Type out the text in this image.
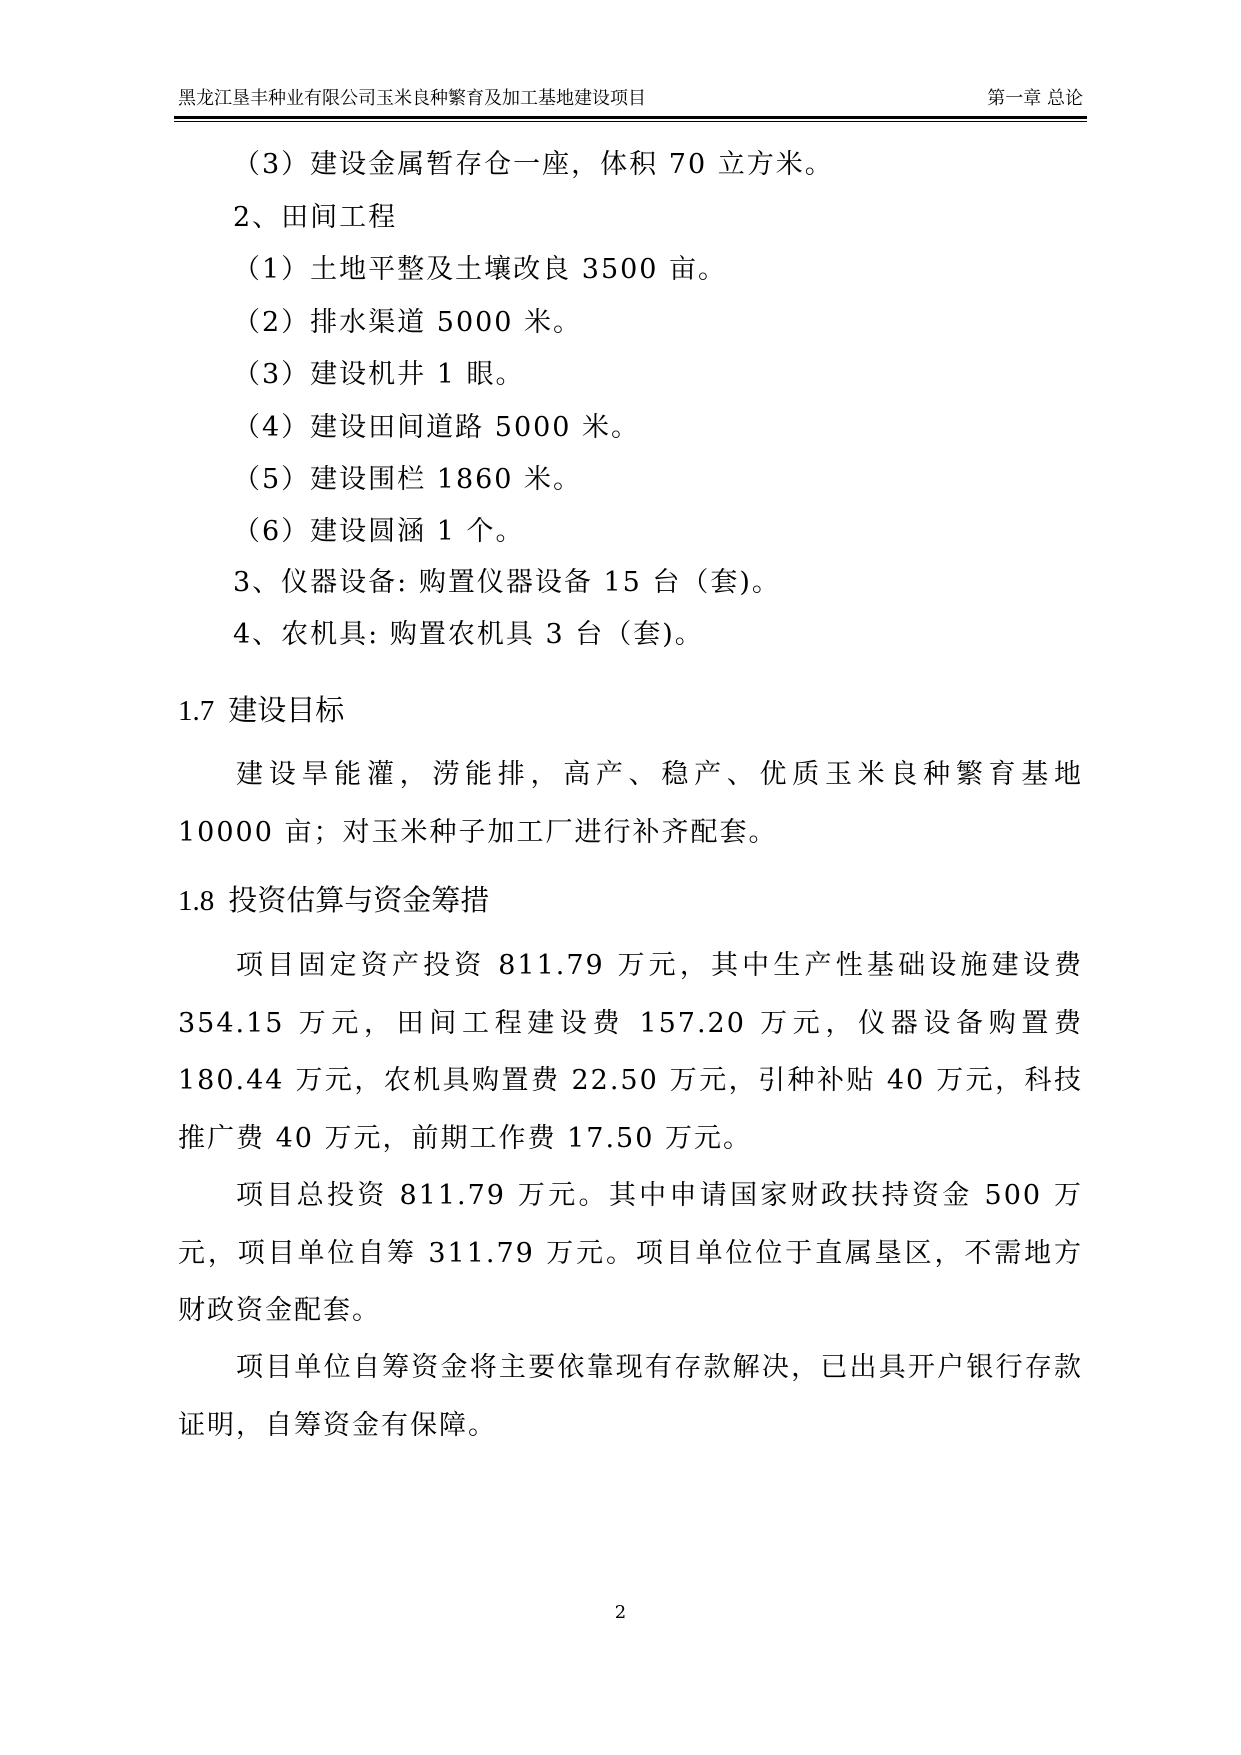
黑龙江垦丰种业有限公司玉米良种繁育及加工基地建设项目	第一章 总论
（3）建设金属暂存仓一座，体积 70 立方米。
2、田间工程
（1）土地平整及土壤改良 3500 亩。
（2）排水渠道 5000 米。
（3）建设机井 1 眼。
（4）建设田间道路 5000 米。
（5）建设围栏 1860 米。
（6）建设圆涵 1 个。
3、仪器设备: 购置仪器设备 15 台（套)。
4、农机具: 购置农机具 3 台（套)。
1.7 建设目标
建设旱能灌，涝能排，高产、稳产、优质玉米良种繁育基地 10000 亩；对玉米种子加工厂进行补齐配套。
1.8 投资估算与资金筹措
项目固定资产投资 811.79 万元，其中生产性基础设施建设费 354.15 万元，田间工程建设费 157.20 万元，仪器设备购置费 180.44 万元，农机具购置费 22.50 万元，引种补贴 40 万元，科技推广费 40 万元，前期工作费 17.50 万元。
项目总投资 811.79 万元。其中申请国家财政扶持资金 500 万元，项目单位自筹 311.79 万元。项目单位位于直属垦区，不需地方财政资金配套。
项目单位自筹资金将主要依靠现有存款解决，已出具开户银行存款证明，自筹资金有保障。
2
